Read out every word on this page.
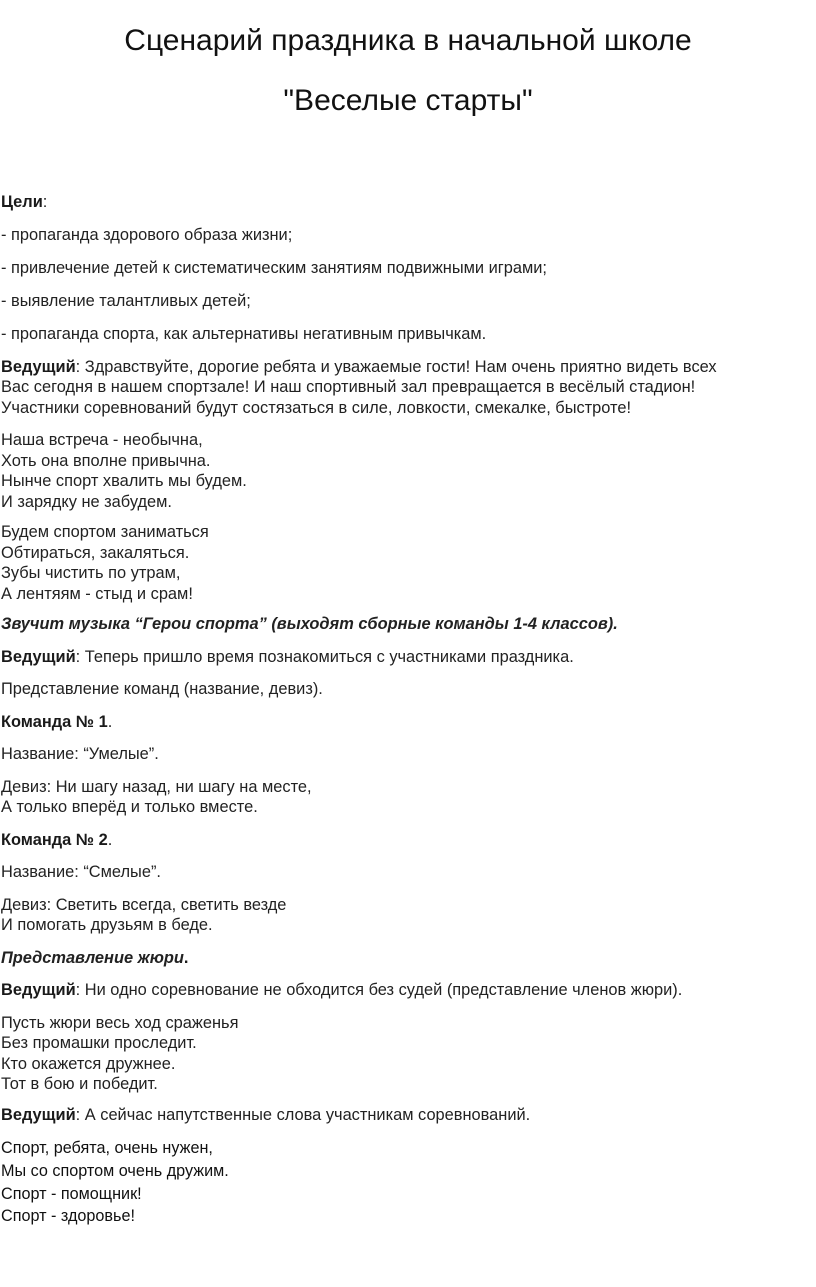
Сценарий праздника в начальной школе
"Веселые старты"

Цели:

- пропаганда здорового образа жизни;

- привлечение детей к систематическим занятиям подвижными играми;

- выявление талантливых детей;

- пропаганда спорта, как альтернативы негативным привычкам.

Ведущий: Здравствуйте, дорогие ребята и уважаемые гости! Нам очень приятно видеть всех

Вас сегодня в нашем спортзале! И наш спортивный зал превращается в весёлый стадион!

Участники соревнований будут состязаться в силе, ловкости, смекалке, быстроте!

Наша встреча - необычна,

Хоть она вполне привычна.

Нынче спорт хвалить мы будем.

И зарядку не забудем.

Будем спортом заниматься

Обтираться, закаляться.

Зубы чистить по утрам,

А лентяям - стыд и срам!

Звучит музыка “Герои спорта” (выходят сборные команды 1-4 классов).

Ведущий: Теперь пришло время познакомиться с участниками праздника.

Представление команд (название, девиз).

Команда № 1.

Название: “Умелые”.

Девиз: Ни шагу назад, ни шагу на месте,

А только вперёд и только вместе.

Команда № 2.

Название: “Смелые”.

Девиз: Светить всегда, светить везде

И помогать друзьям в беде.

Представление жюри.

Ведущий: Ни одно соревнование не обходится без судей (представление членов жюри).

Пусть жюри весь ход сраженья

Без промашки проследит.

Кто окажется дружнее.

Тот в бою и победит.

Ведущий: А сейчас напутственные слова участникам соревнований.

Спорт, ребята, очень нужен,

Мы со спортом очень дружим.

Спорт - помощник!

Спорт - здоровье!
